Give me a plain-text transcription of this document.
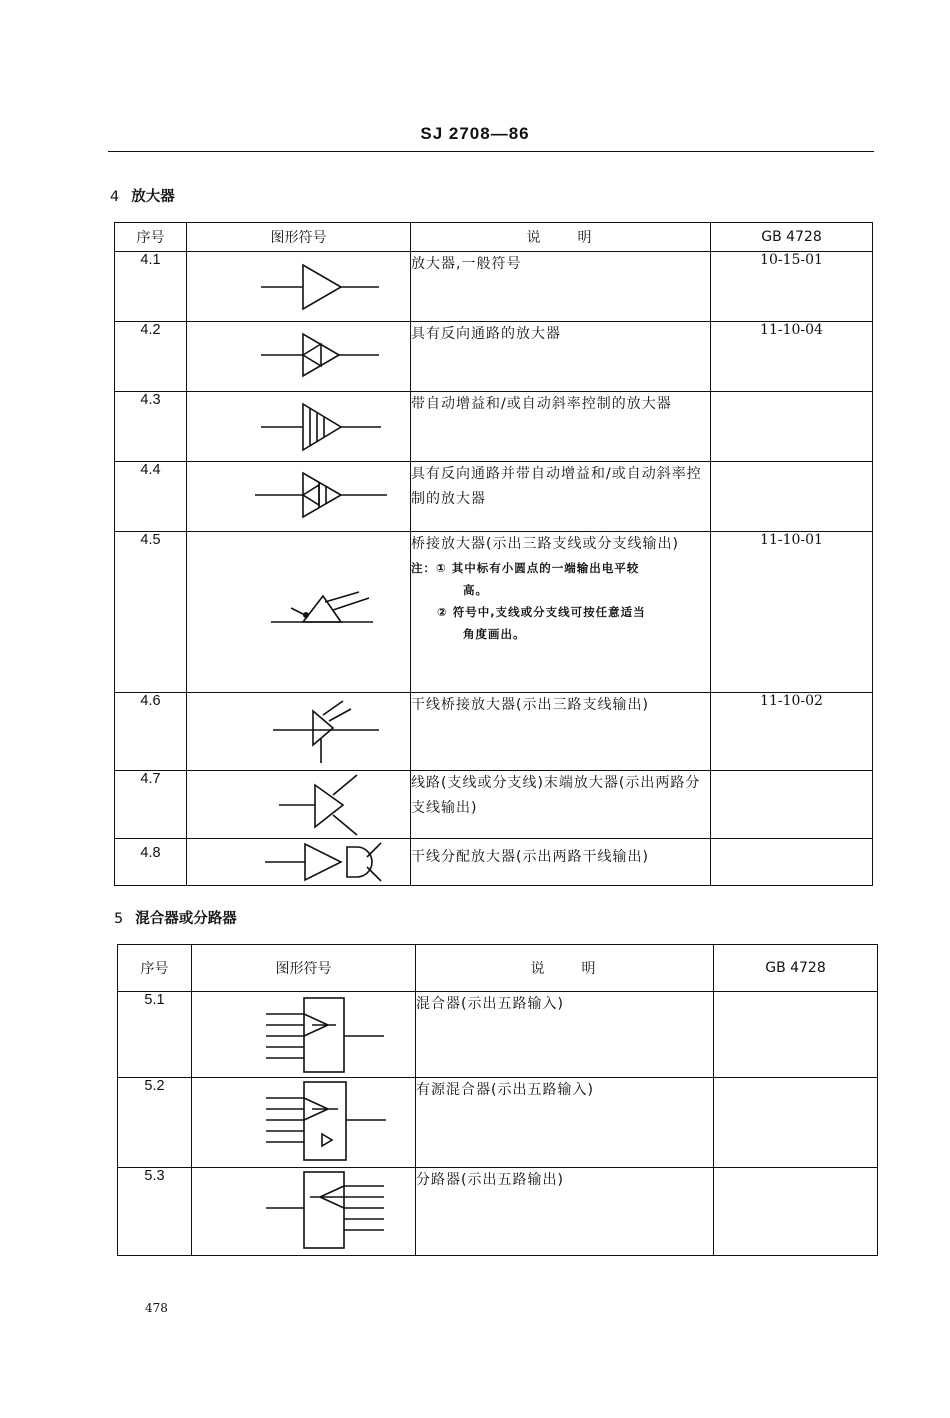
SJ 2708—86
4 放大器
序号	图形符号	说　　明	GB 4728
4.1		放大器,一般符号	10-15-01
4.2		具有反向通路的放大器	11-10-04
4.3		带自动增益和/或自动斜率控制的放大器	
4.4		具有反向通路并带自动增益和/或自动斜率控制的放大器	
4.5		桥接放大器(示出三路支线或分支线输出)
注：① 其中标有小圆点的一端输出电平较
高。
② 符号中,支线或分支线可按任意适当
角度画出。	11-10-01
4.6		干线桥接放大器(示出三路支线输出)	11-10-02
4.7		线路(支线或分支线)末端放大器(示出两路分支线输出)	
4.8		干线分配放大器(示出两路干线输出)	
5 混合器或分路器
序号	图形符号	说　　明	GB 4728
5.1		混合器(示出五路输入)	
5.2		有源混合器(示出五路输入)	
5.3		分路器(示出五路输出)	
478
